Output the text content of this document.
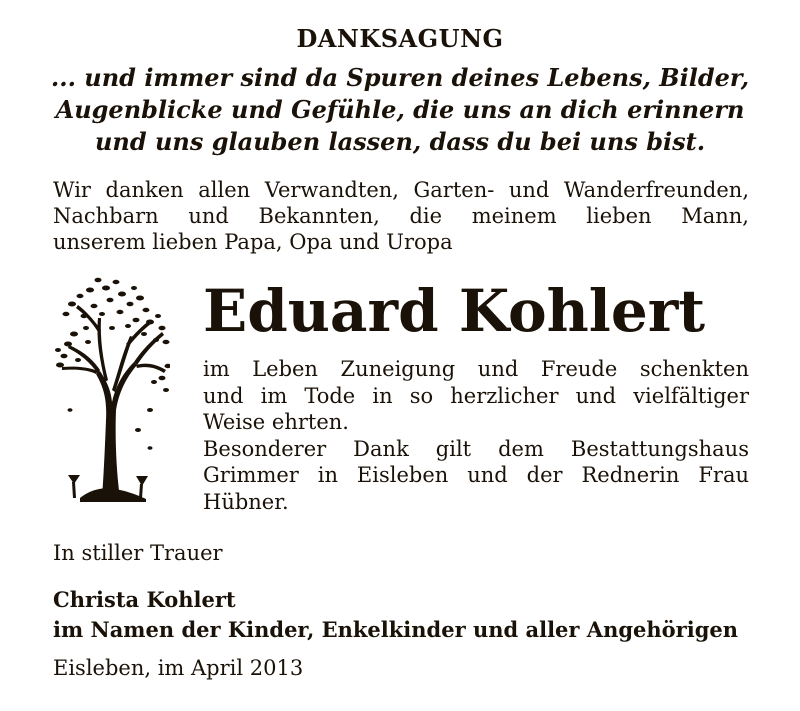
DANKSAGUNG
... und immer sind da Spuren deines Lebens, Bilder,
Augenblicke und Gefühle, die uns an dich erinnern
und uns glauben lassen, dass du bei uns bist.
Wir danken allen Verwandten, Garten- und Wanderfreunden,
Nachbarn und Bekannten, die meinem lieben Mann,
unserem lieben Papa, Opa und Uropa
Eduard Kohlert
im Leben Zuneigung und Freude schenkten
und im Tode in so herzlicher und vielfältiger
Weise ehrten.
Besonderer Dank gilt dem Bestattungshaus
Grimmer in Eisleben und der Rednerin Frau
Hübner.
In stiller Trauer
Christa Kohlert
im Namen der Kinder, Enkelkinder und aller Angehörigen
Eisleben, im April 2013
